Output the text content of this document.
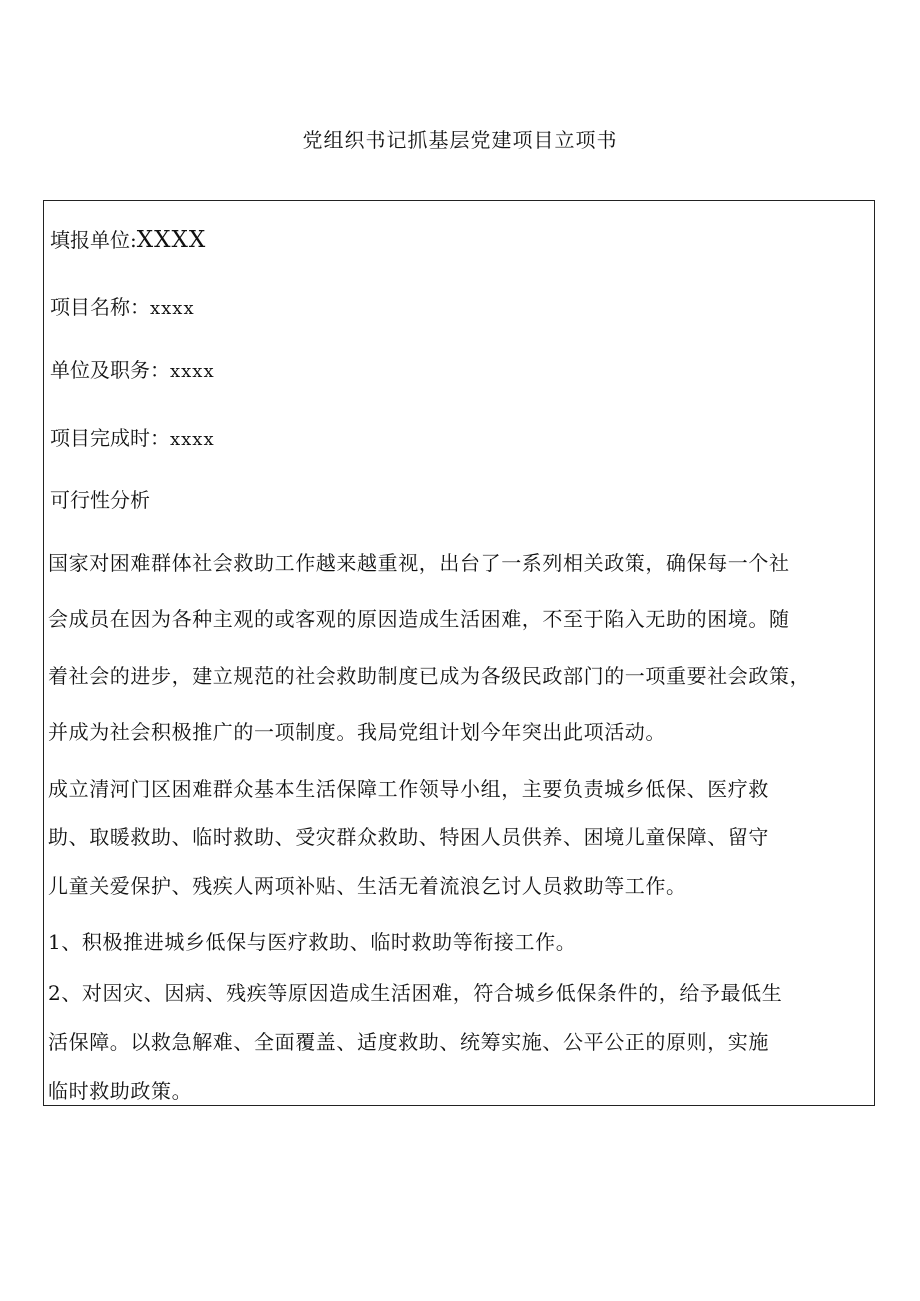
党组织书记抓基层党建项目立项书
填报单位:XXXX
项目名称：xxxx
单位及职务：xxxx
项目完成时：xxxx
可行性分析
国家对困难群体社会救助工作越来越重视，出台了一系列相关政策，确保每一个社
会成员在因为各种主观的或客观的原因造成生活困难，不至于陷入无助的困境。随
着社会的进步，建立规范的社会救助制度已成为各级民政部门的一项重要社会政策，
并成为社会积极推广的一项制度。我局党组计划今年突出此项活动。
成立清河门区困难群众基本生活保障工作领导小组，主要负责城乡低保、医疗救
助、取暖救助、临时救助、受灾群众救助、特困人员供养、困境儿童保障、留守
儿童关爱保护、残疾人两项补贴、生活无着流浪乞讨人员救助等工作。
1、积极推进城乡低保与医疗救助、临时救助等衔接工作。
2、对因灾、因病、残疾等原因造成生活困难，符合城乡低保条件的，给予最低生
活保障。以救急解难、全面覆盖、适度救助、统筹实施、公平公正的原则，实施
临时救助政策。
